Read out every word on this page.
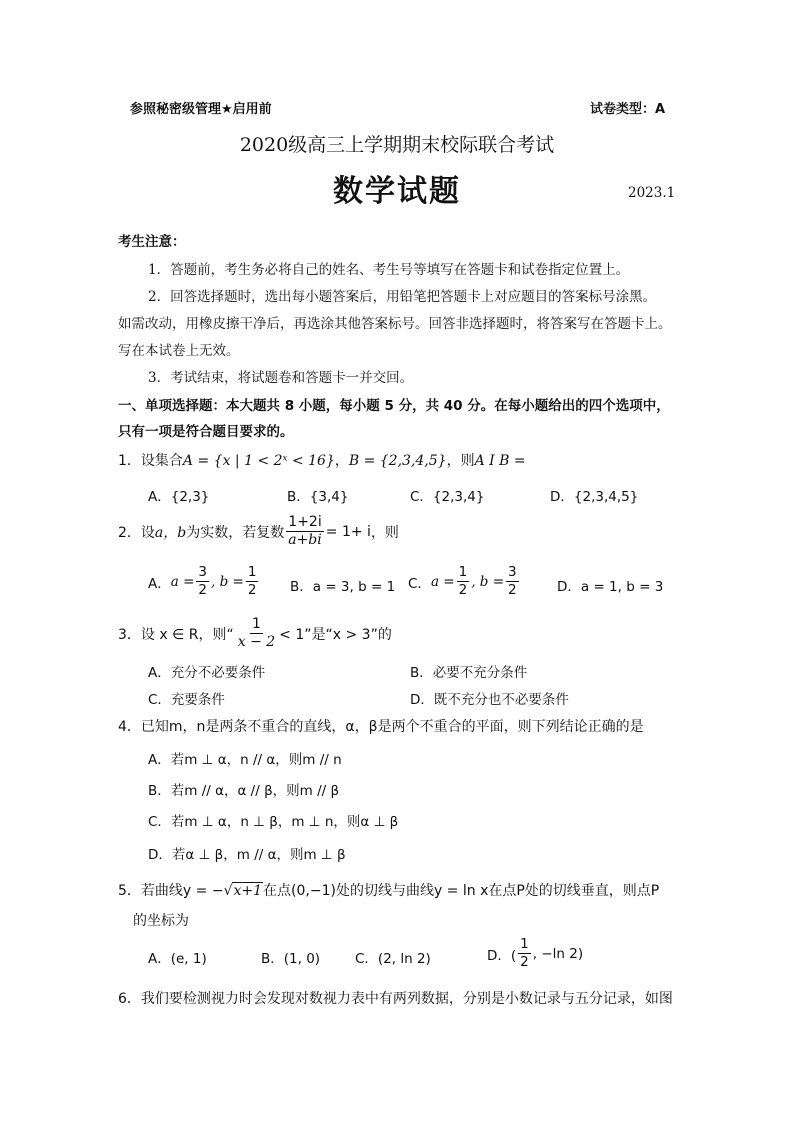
参照秘密级管理★启用前	试卷类型：A
2020级高三上学期期末校际联合考试
数学试题	2023.1
考生注意：
1．答题前，考生务必将自己的姓名、考生号等填写在答题卡和试卷指定位置上。
2．回答选择题时，选出每小题答案后，用铅笔把答题卡上对应题目的答案标号涂黑。
如需改动，用橡皮擦干净后，再选涂其他答案标号。回答非选择题时，将答案写在答题卡上。
写在本试卷上无效。
3．考试结束，将试题卷和答题卡一并交回。
一、单项选择题：本大题共 8 小题，每小题 5 分，共 40 分。在每小题给出的四个选项中，
只有一项是符合题目要求的。
1．设集合A = {x | 1 < 2ˣ < 16}，B = {2,3,4,5}，则A I B =
A．{2,3}	B．{3,4}	C．{2,3,4}	D．{2,3,4,5}
2． 设 a，b 为实数，若复数 $\frac{1+2i}{a+bi} = 1+ i$ ，则
A． $a = \frac{3}{2}$ , $b = \frac{1}{2}$ B．a = 3, b = 1 C． $a = \frac{1}{2}$ , $b = \frac{3}{2}$	D．a = 1, b = 3
3． 设 x ∈ R，则“ $\frac{1}{x - 2} < 1$”是“x > 3”的
A．充分不必要条件	B．必要不充分条件
C．充要条件	D．既不充分也不必要条件
4．已知m，n是两条不重合的直线，α，β是两个不重合的平面，则下列结论正确的是
A．若m ⊥ α，n // α，则m // n
B．若m // α，α // β，则m // β
C．若m ⊥ α，n ⊥ β，m ⊥ n，则α ⊥ β
D．若α ⊥ β，m // α，则m ⊥ β
5．若曲线y = −√x+1在点(0,−1)处的切线与曲线y = ln x在点P处的切线垂直，则点P
的坐标为
A．(e, 1)	B．(1, 0)	C．(2, ln 2)	D．( $\frac{1}{2}$ , −ln 2)
6．我们要检测视力时会发现对数视力表中有两列数据，分别是小数记录与五分记录，如图
